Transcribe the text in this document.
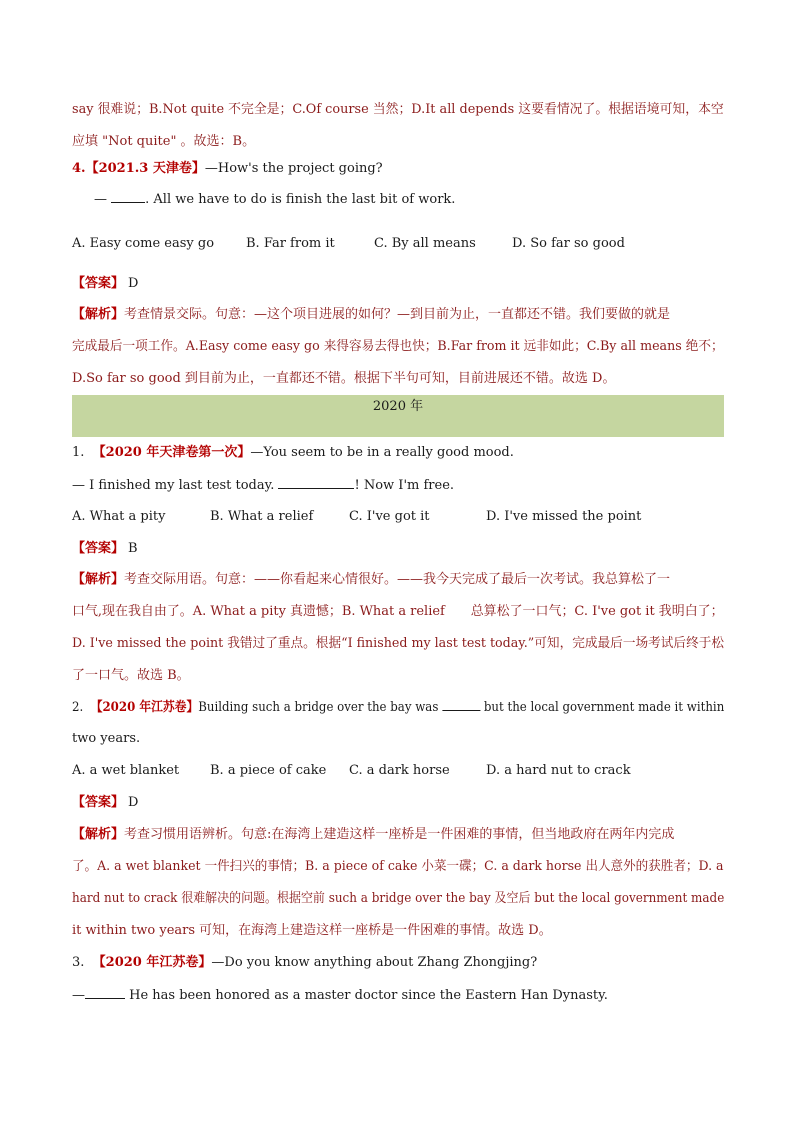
say 很难说；B.Not quite 不完全是；C.Of course 当然；D.It all depends 这要看情况了。根据语境可知，本空
应填 "Not quite" 。故选：B。
4.【2021.3 天津卷】—How's the project going?
—	. All we have to do is finish the last bit of work.
A. Easy come easy go B. Far from it	C. By all means	D. So far so good
【答案】 D
【解析】考查情景交际。句意：—这个项目进展的如何？—到目前为止，一直都还不错。我们要做的就是
完成最后一项工作。A.Easy come easy go 来得容易去得也快；B.Far from it 远非如此；C.By all means 绝不；
D.So far so good 到目前为止，一直都还不错。根据下半句可知，目前进展还不错。故选 D。
2020 年
1. 【2020 年天津卷第一次】—You seem to be in a really good mood.
— I finished my last test today.	! Now I'm free.
A. What a pity	B. What a relief	C. I've got it	D. I've missed the point
【答案】 B
【解析】考查交际用语。句意：——你看起来心情很好。——我今天完成了最后一次考试。我总算松了一
口气,现在我自由了。A. What a pity 真遗憾；B. What a relief　　总算松了一口气；C. I've got it 我明白了；
D. I've missed the point 我错过了重点。根据“I finished my last test today.”可知，完成最后一场考试后终于松
了一口气。故选 B。
2. 【2020 年江苏卷】Building such a bridge over the bay was	but the local government made it within
two years.
A. a wet blanket B. a piece of cake C. a dark horse	D. a hard nut to crack
【答案】 D
【解析】考查习惯用语辨析。句意:在海湾上建造这样一座桥是一件困难的事情，但当地政府在两年内完成
了。A. a wet blanket 一件扫兴的事情；B. a piece of cake 小菜一碟；C. a dark horse 出人意外的获胜者；D. a
hard nut to crack 很难解决的问题。根据空前 such a bridge over the bay 及空后 but the local government made
it within two years 可知，在海湾上建造这样一座桥是一件困难的事情。故选 D。
3. 【2020 年江苏卷】—Do you know anything about Zhang Zhongjing?
—	He has been honored as a master doctor since the Eastern Han Dynasty.
